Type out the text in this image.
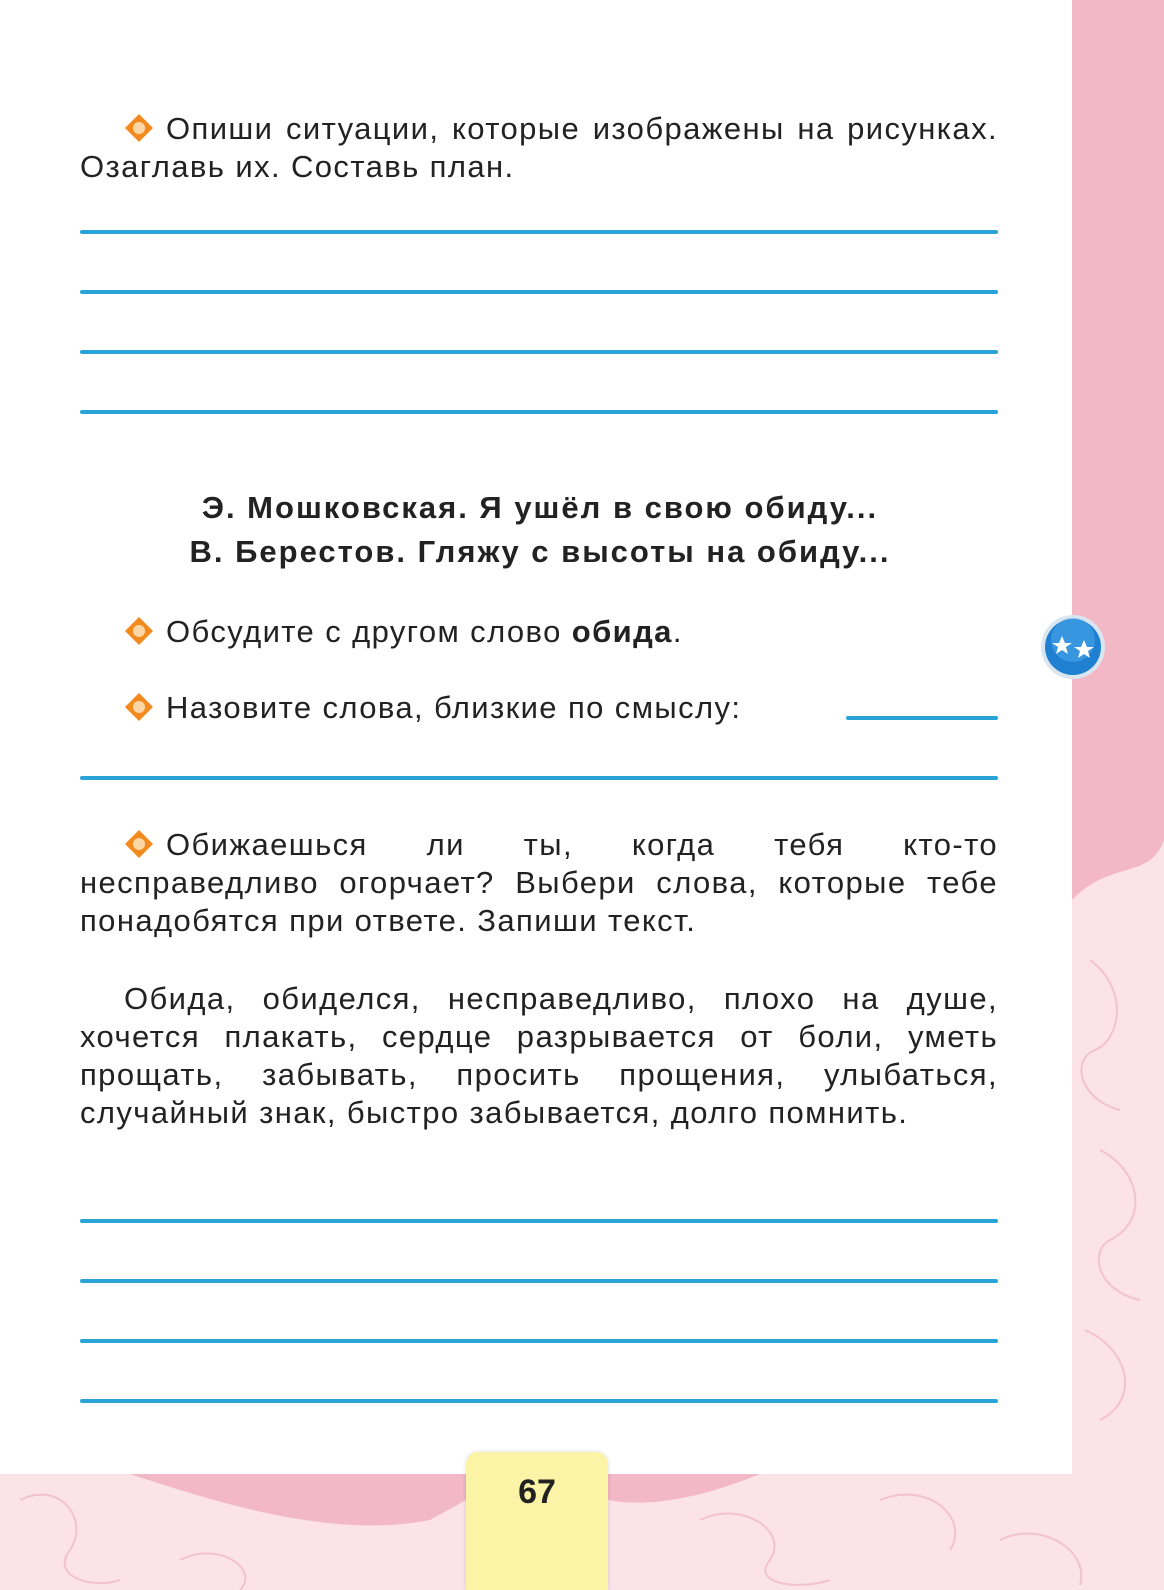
Опиши ситуации, которые изображены на рисунках. Озаглавь их. Составь план.

Э. Мошковская. Я ушёл в свою обиду...

В. Берестов. Гляжу с высоты на обиду...

Обсудите с другом слово обида.

Назовите слова, близкие по смыслу:

Обижаешься ли ты, когда тебя кто-то несправедливо огорчает? Выбери слова, которые тебе понадобятся при ответе. Запиши текст.

Обида, обиделся, несправедливо, плохо на душе, хочется плакать, сердце разрывается от боли, уметь прощать, забывать, просить прощения, улыбаться, случайный знак, быстро забывается, долго помнить.

67
